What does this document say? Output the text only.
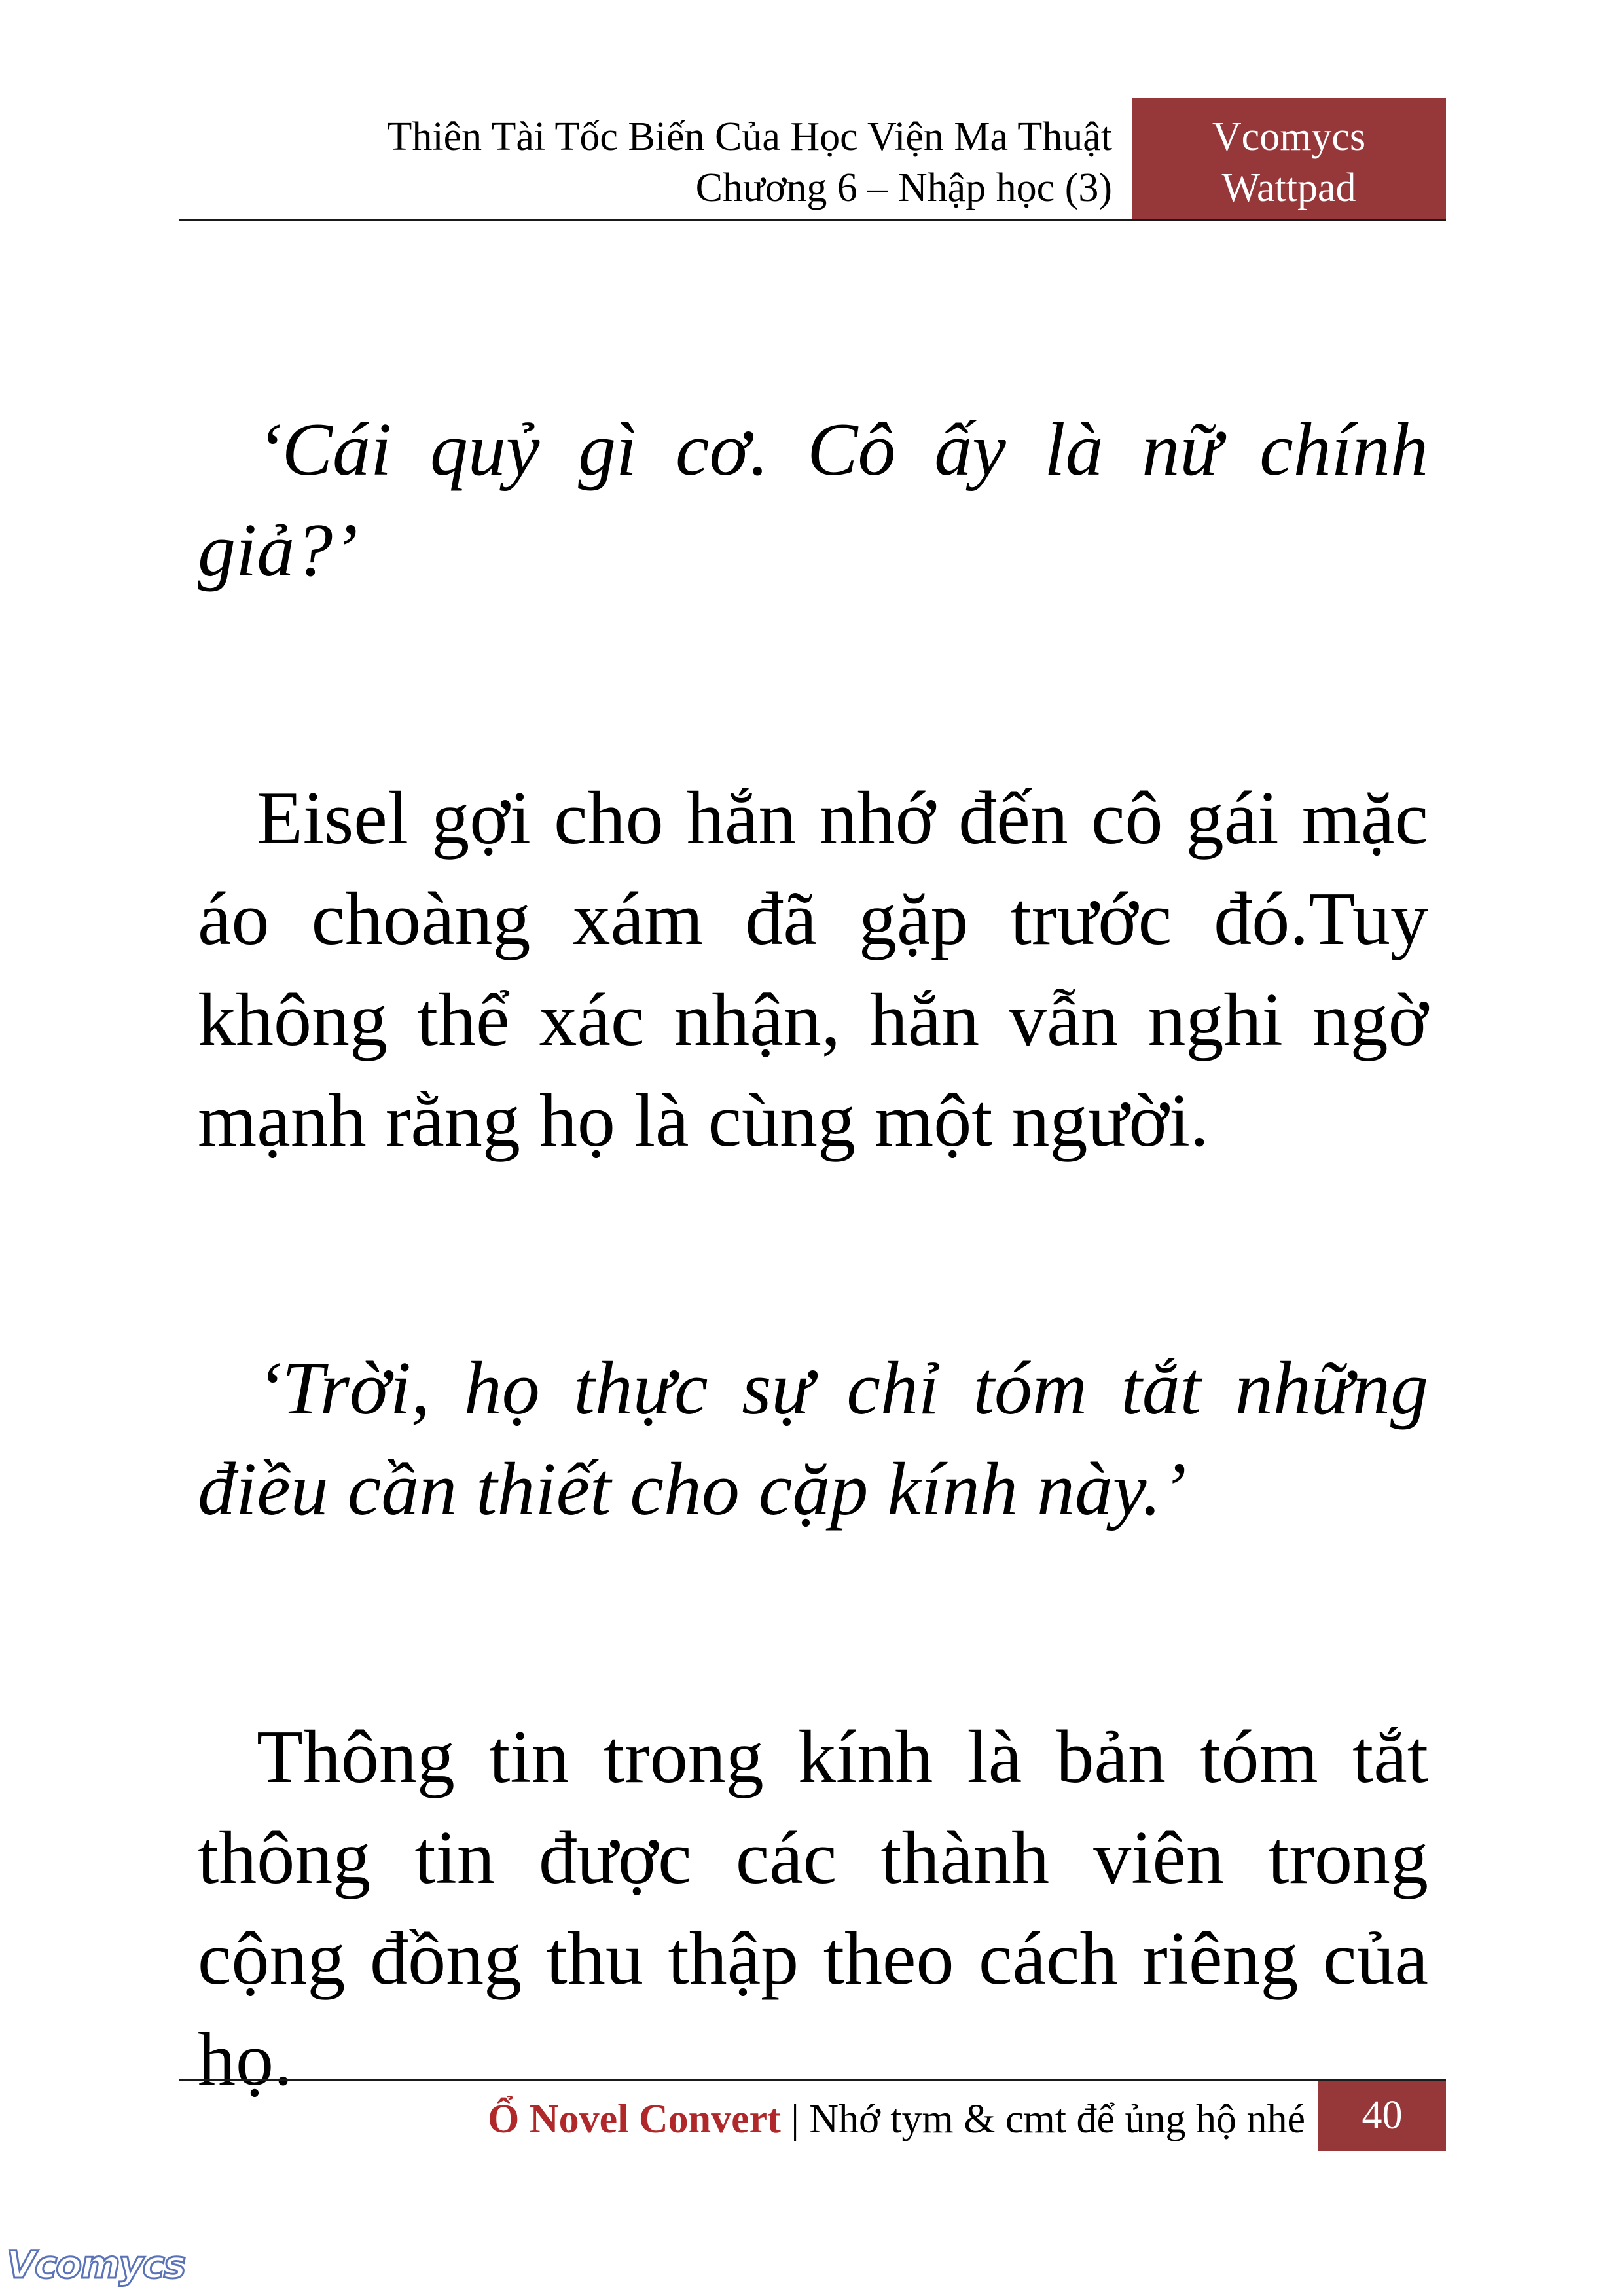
Thiên Tài Tốc Biến Của Học Viện Ma Thuật
Chương 6 – Nhập học (3)
Vcomycs
Wattpad

‘Cái quỷ gì cơ. Cô ấy là nữ chính giả?’

Eisel gợi cho hắn nhớ đến cô gái mặc áo choàng xám đã gặp trước đó.Tuy không thể xác nhận, hắn vẫn nghi ngờ mạnh rằng họ là cùng một người.

‘Trời, họ thực sự chỉ tóm tắt những điều cần thiết cho cặp kính này.’

Thông tin trong kính là bản tóm tắt thông tin được các thành viên trong cộng đồng thu thập theo cách riêng của họ.

Ổ Novel Convert | Nhớ tym & cmt để ủng hộ nhé	40
Vcomycs
